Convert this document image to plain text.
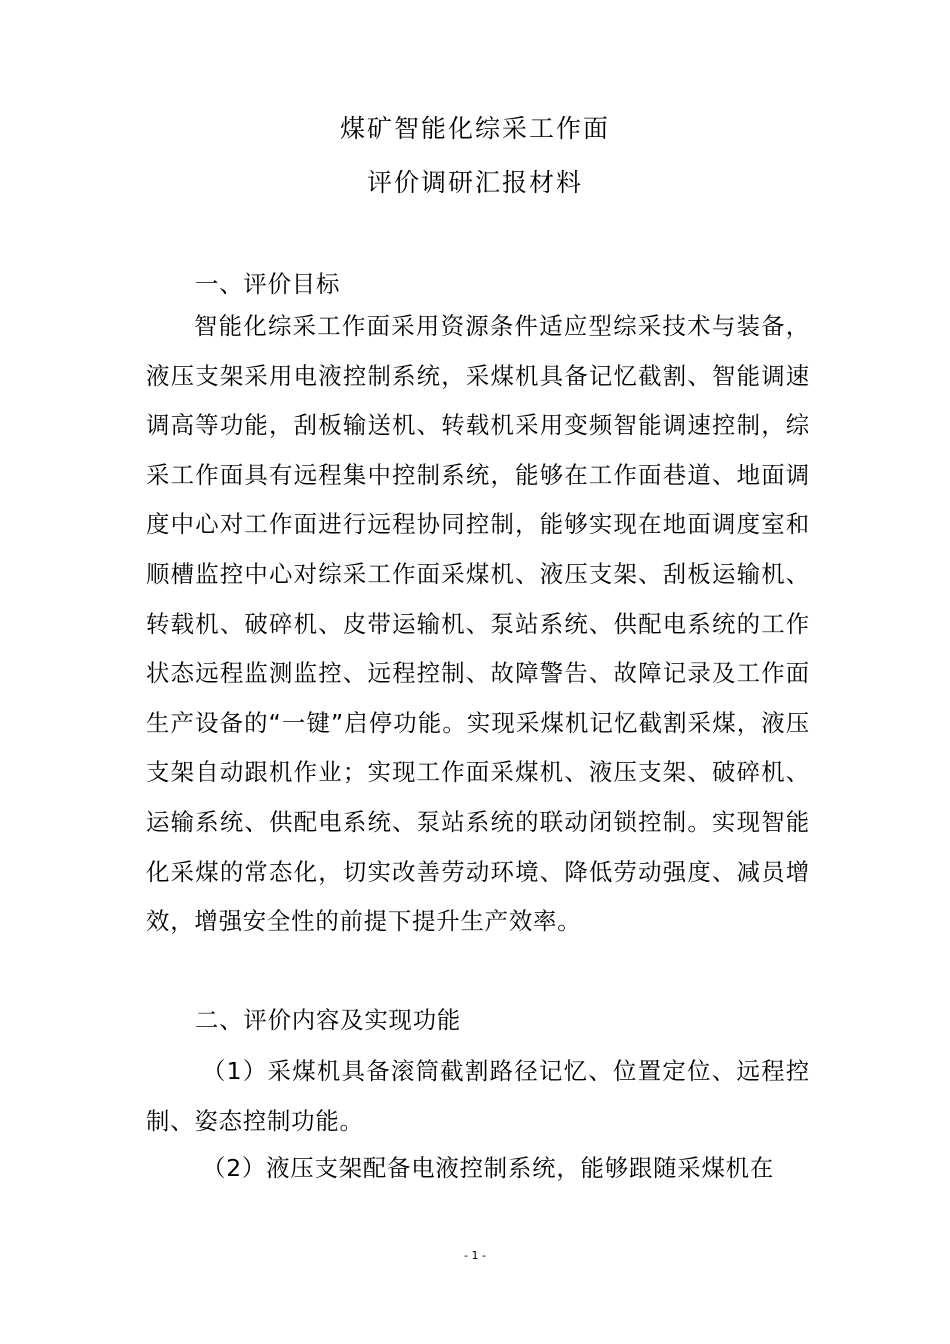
煤矿智能化综采工作面
评价调研汇报材料
一、评价目标
智能化综采工作面采用资源条件适应型综采技术与装备，液压支架采用电液控制系统，采煤机具备记忆截割、智能调速调高等功能，刮板输送机、转载机采用变频智能调速控制，综采工作面具有远程集中控制系统，能够在工作面巷道、地面调度中心对工作面进行远程协同控制，能够实现在地面调度室和顺槽监控中心对综采工作面采煤机、液压支架、刮板运输机、转载机、破碎机、皮带运输机、泵站系统、供配电系统的工作状态远程监测监控、远程控制、故障警告、故障记录及工作面生产设备的“一键”启停功能。实现采煤机记忆截割采煤，液压支架自动跟机作业；实现工作面采煤机、液压支架、破碎机、运输系统、供配电系统、泵站系统的联动闭锁控制。实现智能化采煤的常态化，切实改善劳动环境、降低劳动强度、减员增效，增强安全性的前提下提升生产效率。
二、评价内容及实现功能
（1）采煤机具备滚筒截割路径记忆、位置定位、远程控制、姿态控制功能。
（2）液压支架配备电液控制系统，能够跟随采煤机在
- 1 -
